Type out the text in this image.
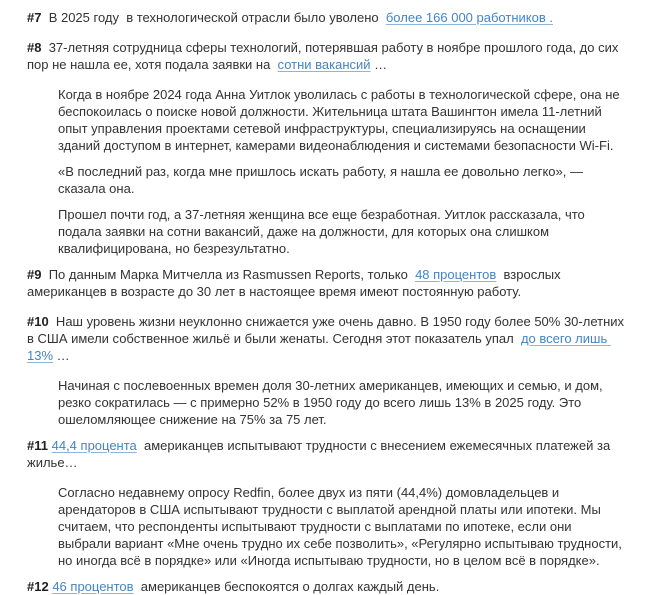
#7  В 2025 году  в технологической отрасли было уволено  более 166 000 работников .

#8  37-летняя сотрудница сферы технологий, потерявшая работу в ноябре прошлого года, до сих пор не нашла ее, хотя подала заявки на  сотни вакансий …

Когда в ноябре 2024 года Анна Уитлок уволилась с работы в технологической сфере, она не беспокоилась о поиске новой должности. Жительница штата Вашингтон имела 11-летний опыт управления проектами сетевой инфраструктуры, специализируясь на оснащении зданий доступом в интернет, камерами видеонаблюдения и системами безопасности Wi-Fi.

«В последний раз, когда мне пришлось искать работу, я нашла ее довольно легко», — сказала она.

Прошел почти год, а 37-летняя женщина все еще безработная. Уитлок рассказала, что подала заявки на сотни вакансий, даже на должности, для которых она слишком квалифицирована, но безрезультатно.

#9  По данным Марка Митчелла из Rasmussen Reports, только  48 процентов  взрослых американцев в возрасте до 30 лет в настоящее время имеют постоянную работу.

#10  Наш уровень жизни неуклонно снижается уже очень давно. В 1950 году более 50% 30-летних в США имели собственное жильё и были женаты. Сегодня этот показатель упал  до всего лишь 13% …

Начиная с послевоенных времен доля 30-летних американцев, имеющих и семью, и дом, резко сократилась — с примерно 52% в 1950 году до всего лишь 13% в 2025 году. Это ошеломляющее снижение на 75% за 75 лет.

#11 44,4 процента  американцев испытывают трудности с внесением ежемесячных платежей за жилье…

Согласно недавнему опросу Redfin, более двух из пяти (44,4%) домовладельцев и арендаторов в США испытывают трудности с выплатой арендной платы или ипотеки. Мы считаем, что респонденты испытывают трудности с выплатами по ипотеке, если они выбрали вариант «Мне очень трудно их себе позволить», «Регулярно испытываю трудности, но иногда всё в порядке» или «Иногда испытываю трудности, но в целом всё в порядке».

#12 46 процентов  американцев беспокоятся о долгах каждый день.
